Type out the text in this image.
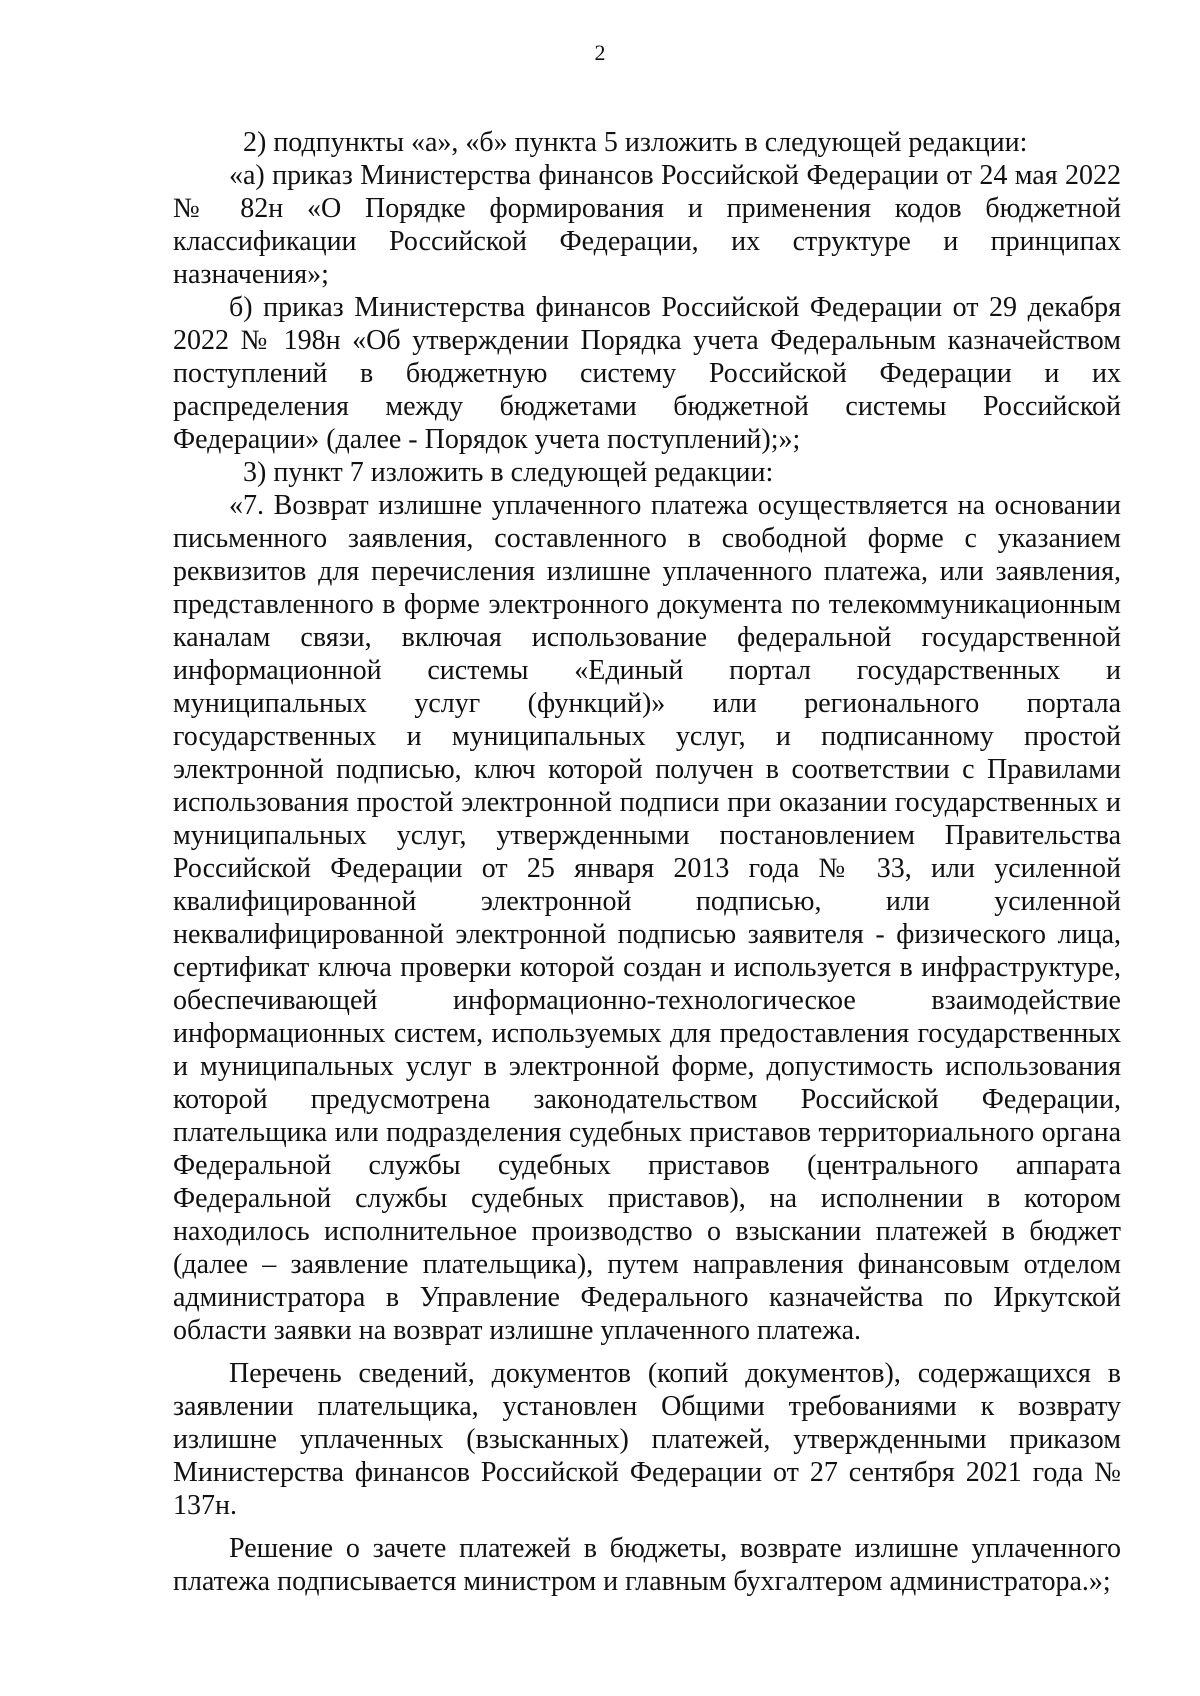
2

2) подпункты «а», «б» пункта 5 изложить в следующей редакции:

«а) приказ Министерства финансов Российской Федерации от 24 мая 2022 № 82н «О Порядке формирования и применения кодов бюджетной классификации Российской Федерации, их структуре и принципах назначения»;

б) приказ Министерства финансов Российской Федерации от 29 декабря 2022 № 198н «Об утверждении Порядка учета Федеральным казначейством поступлений в бюджетную систему Российской Федерации и их распределения между бюджетами бюджетной системы Российской Федерации» (далее - Порядок учета поступлений);»;

3) пункт 7 изложить в следующей редакции:

«7. Возврат излишне уплаченного платежа осуществляется на основании письменного заявления, составленного в свободной форме с указанием реквизитов для перечисления излишне уплаченного платежа, или заявления, представленного в форме электронного документа по телекоммуникационным каналам связи, включая использование федеральной государственной информационной системы «Единый портал государственных и муниципальных услуг (функций)» или регионального портала государственных и муниципальных услуг, и подписанному простой электронной подписью, ключ которой получен в соответствии с Правилами использования простой электронной подписи при оказании государственных и муниципальных услуг, утвержденными постановлением Правительства Российской Федерации от 25 января 2013 года № 33, или усиленной квалифицированной электронной подписью, или усиленной неквалифицированной электронной подписью заявителя - физического лица, сертификат ключа проверки которой создан и используется в инфраструктуре, обеспечивающей информационно-технологическое взаимодействие информационных систем, используемых для предоставления государственных и муниципальных услуг в электронной форме, допустимость использования которой предусмотрена законодательством Российской Федерации, плательщика или подразделения судебных приставов территориального органа Федеральной службы судебных приставов (центрального аппарата Федеральной службы судебных приставов), на исполнении в котором находилось исполнительное производство о взыскании платежей в бюджет (далее – заявление плательщика), путем направления финансовым отделом администратора в Управление Федерального казначейства по Иркутской области заявки на возврат излишне уплаченного платежа.

Перечень сведений, документов (копий документов), содержащихся в заявлении плательщика, установлен Общими требованиями к возврату излишне уплаченных (взысканных) платежей, утвержденными приказом Министерства финансов Российской Федерации от 27 сентября 2021 года № 137н.

Решение о зачете платежей в бюджеты, возврате излишне уплаченного платежа подписывается министром и главным бухгалтером администратора.»;
